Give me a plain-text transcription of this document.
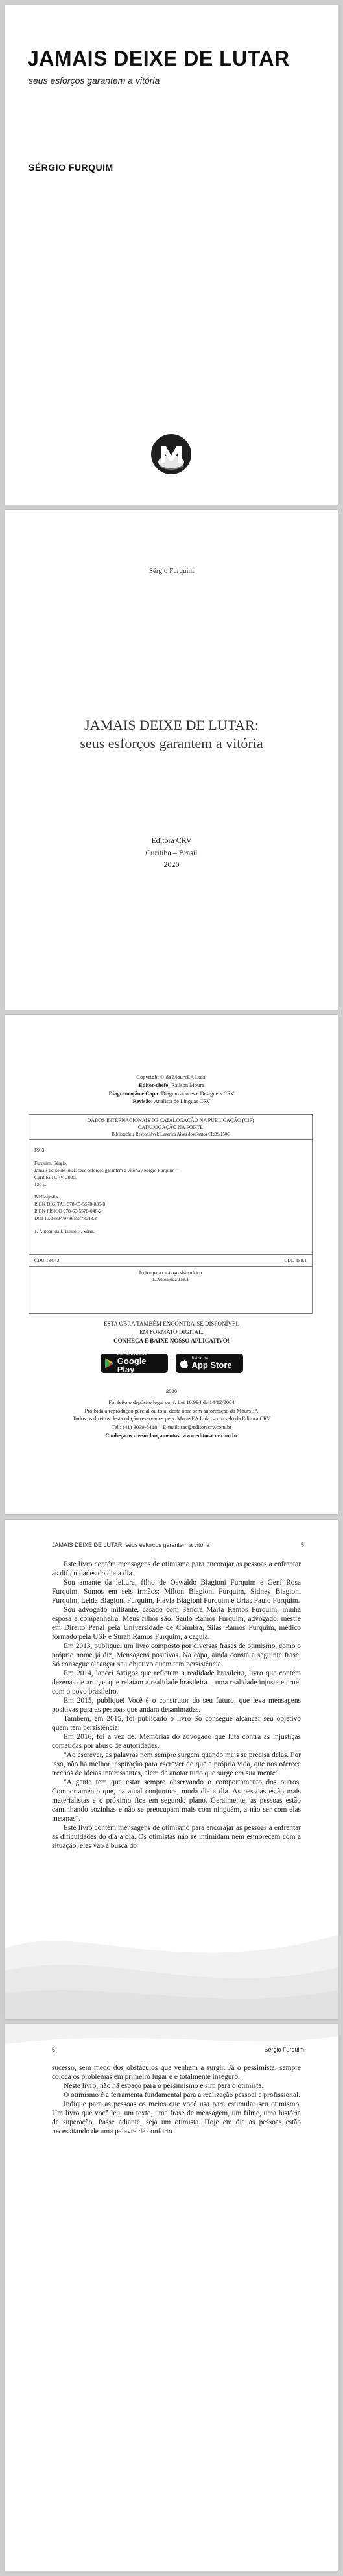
JAMAIS DEIXE DE LUTAR
seus esforços garantem a vitória
SÉRGIO FURQUIM
Sérgio Furquim
JAMAIS DEIXE DE LUTAR:
seus esforços garantem a vitória
Editora CRV
Curitiba – Brasil
2020
Copyright © da MoursEA Ltda.
Editor-chefe: Railson Moura
Diagramação e Capa: Diagramadores e Designers CRV
Revisão: Analista de Línguas CRV
DADOS INTERNACIONAIS DE CATALOGAÇÃO NA PUBLICAÇÃO (CIP)
CATALOGAÇÃO NA FONTE
Bibliotecária Responsável: Luzenira Alves dos Santos CRB9/1506

F983

Furquim, Sérgio

Jamais deixe de lutar: seus esforços garantem a vitória / Sérgio Furquim –

Curitiba : CRV, 2020.

120 p.

Bibliografia

ISBN DIGITAL 978-65-5578-030-0

ISBN FÍSICO 978-65-5578-048-2

DOI 10.24824/978655578048.2

1. Autoajuda I. Título II. Série.

CDU 134.42	CDD 158.1
Índice para catálogo sistemático
1. Autoajuda 158.1
ESTA OBRA TAMBÉM ENCONTRA-SE DISPONÍVEL
EM FORMATO DIGITAL.
CONHEÇA E BAIXE NOSSO APLICATIVO!
DISPONÍVEL NO
Google Play
Baixar na
App Store
2020
Foi feito o depósito legal conf. Lei 10.994 de 14/12/2004
Proibida a reprodução parcial ou total desta obra sem autorização da MoursEA
Todos os direitos desta edição reservados pela: MoursEA Ltda. – um selo da Editora CRV
Tel.: (41) 3039-6418 – E-mail: sac@editoracrv.com.br
Conheça os nossos lançamentos: www.editoracrv.com.br
JAMAIS DEIXE DE LUTAR: seus esforços garantem a vitória	5

Este livro contém mensagens de otimismo para encorajar as pessoas a enfrentar as dificuldades do dia a dia.

Sou amante da leitura, filho de Oswaldo Biagioni Furquim e Gení Rosa Furquim. Somos em seis irmãos: Milton Biagioni Furquim, Sidney Biagioni Furquim, Leida Biagioni Furquim, Flavia Biagioni Furquim e Urias Paulo Furquim.

Sou advogado militante, casado com Sandra Maria Ramos Furquim, minha esposa e companheira. Meus filhos são: Saulo Ramos Furquim, advogado, mestre em Direito Penal pela Universidade de Coimbra, Silas Ramos Furquim, médico formado pela USF e Surah Ramos Furquim, a caçula.

Em 2013, publiquei um livro composto por diversas frases de otimismo, como o próprio nome já diz, Mensagens positivas. Na capa, ainda consta a seguinte frase: Só consegue alcançar seu objetivo quem tem persistência.

Em 2014, lancei Artigos que refletem a realidade brasileira, livro que contém dezenas de artigos que relatam a realidade brasileira – uma realidade injusta e cruel com o povo brasileiro.

Em 2015, publiquei Você é o construtor do seu futuro, que leva mensagens positivas para as pessoas que andam desanimadas.

Também, em 2015, foi publicado o livro Só consegue alcançar seu objetivo quem tem persistência.

Em 2016, foi a vez de: Memórias do advogado que luta contra as injustiças cometidas por abuso de autoridades.

"Ao escrever, as palavras nem sempre surgem quando mais se precisa delas. Por isso, não há melhor inspiração para escrever do que a própria vida, que nos oferece trechos de ideias interessantes, além de anotar tudo que surge em sua mente".

"A gente tem que estar sempre observando o comportamento dos outros. Comportamento que, na atual conjuntura, muda dia a dia. As pessoas estão mais materialistas e o próximo fica em segundo plano. Geralmente, as pessoas estão caminhando sozinhas e não se preocupam mais com ninguém, a não ser com elas mesmas".

Este livro contém mensagens de otimismo para encorajar as pessoas a enfrentar as dificuldades do dia a dia. Os otimistas não se intimidam nem esmorecem com a situação, eles vão à busca do

6	Sérgio Furquim

sucesso, sem medo dos obstáculos que venham a surgir. Já o pessimista, sempre coloca os problemas em primeiro lugar e é totalmente inseguro.

Neste livro, não há espaço para o pessimismo e sim para o otimista.

O otimismo é a ferramenta fundamental para a realização pessoal e profissional.

Indique para as pessoas os meios que você usa para estimular seu otimismo. Um livro que você leu, um texto, uma frase de mensagem, um filme, uma história de superação. Passe adiante, seja um otimista. Hoje em dia as pessoas estão necessitando de uma palavra de conforto.
